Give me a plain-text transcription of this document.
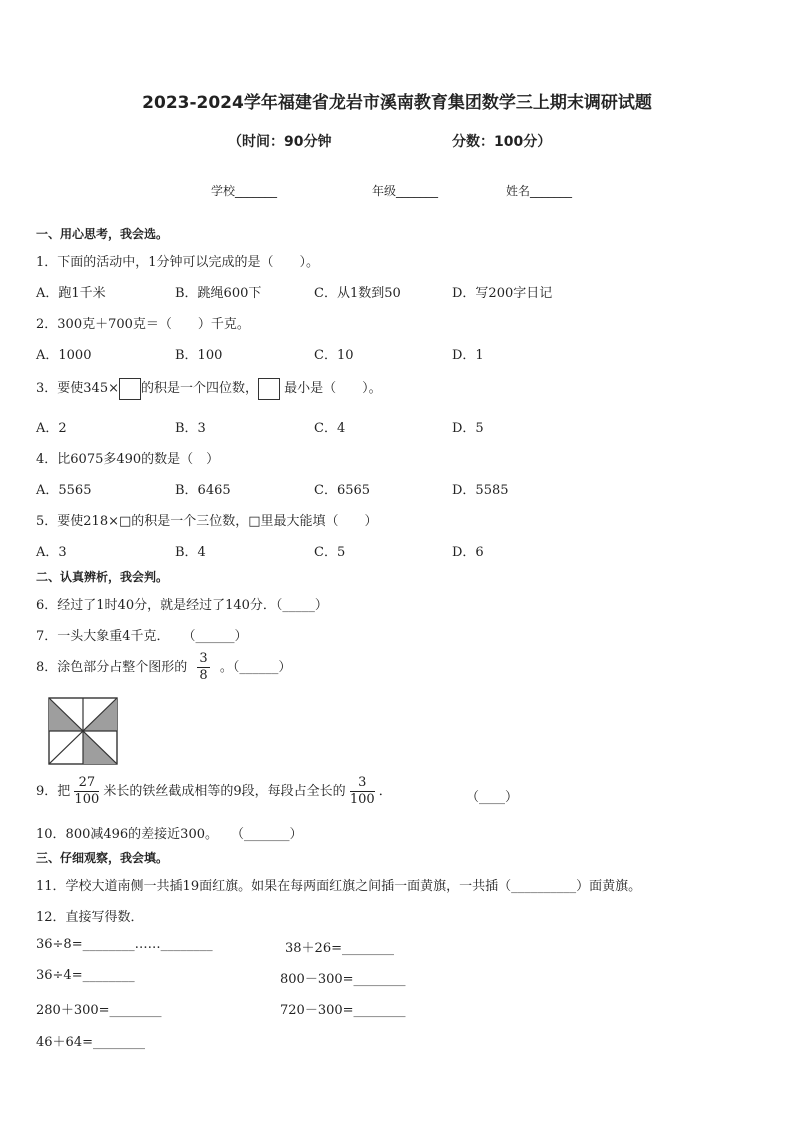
2023-2024学年福建省龙岩市溪南教育集团数学三上期末调研试题
（时间：90分钟	分数：100分）
学校_______	年级_______	姓名_______
一、用心思考，我会选。
1．下面的活动中，1分钟可以完成的是（　　）。
A．跑1千米	B．跳绳600下	C．从1数到50	D．写200字日记
2．300克＋700克＝（　　）千克。
A．1000	B．100	C．10	D．1
3．要使345× 的积是一个四位数， 最小是（　　）。
A．2	B．3	C．4	D．5
4．比6075多490的数是（　）
A．5565	B．6465	C．6565	D．5585
5．要使218×□的积是一个三位数，□里最大能填（　　）
A．3	B．4	C．5	D．6
二、认真辨析，我会判。
6．经过了1时40分，就是经过了140分．（_____）
7．一头大象重4千克．　　（______）
8．涂色部分占整个图形的 $\frac{3}{8}$ 。（______）
9．把 $\frac{27}{100}$ 米长的铁丝截成相等的9段，每段占全长的 $\frac{3}{100}$ ．	（____）
10．800减496的差接近300。　　（_______）
三、仔细观察，我会填。
11．学校大道南侧一共插19面红旗。如果在每两面红旗之间插一面黄旗，一共插（__________）面黄旗。
12．直接写得数．
36÷8=________……________	38＋26=________
36÷4=________	800－300=________
280＋300=________	720－300=________
46＋64=________
